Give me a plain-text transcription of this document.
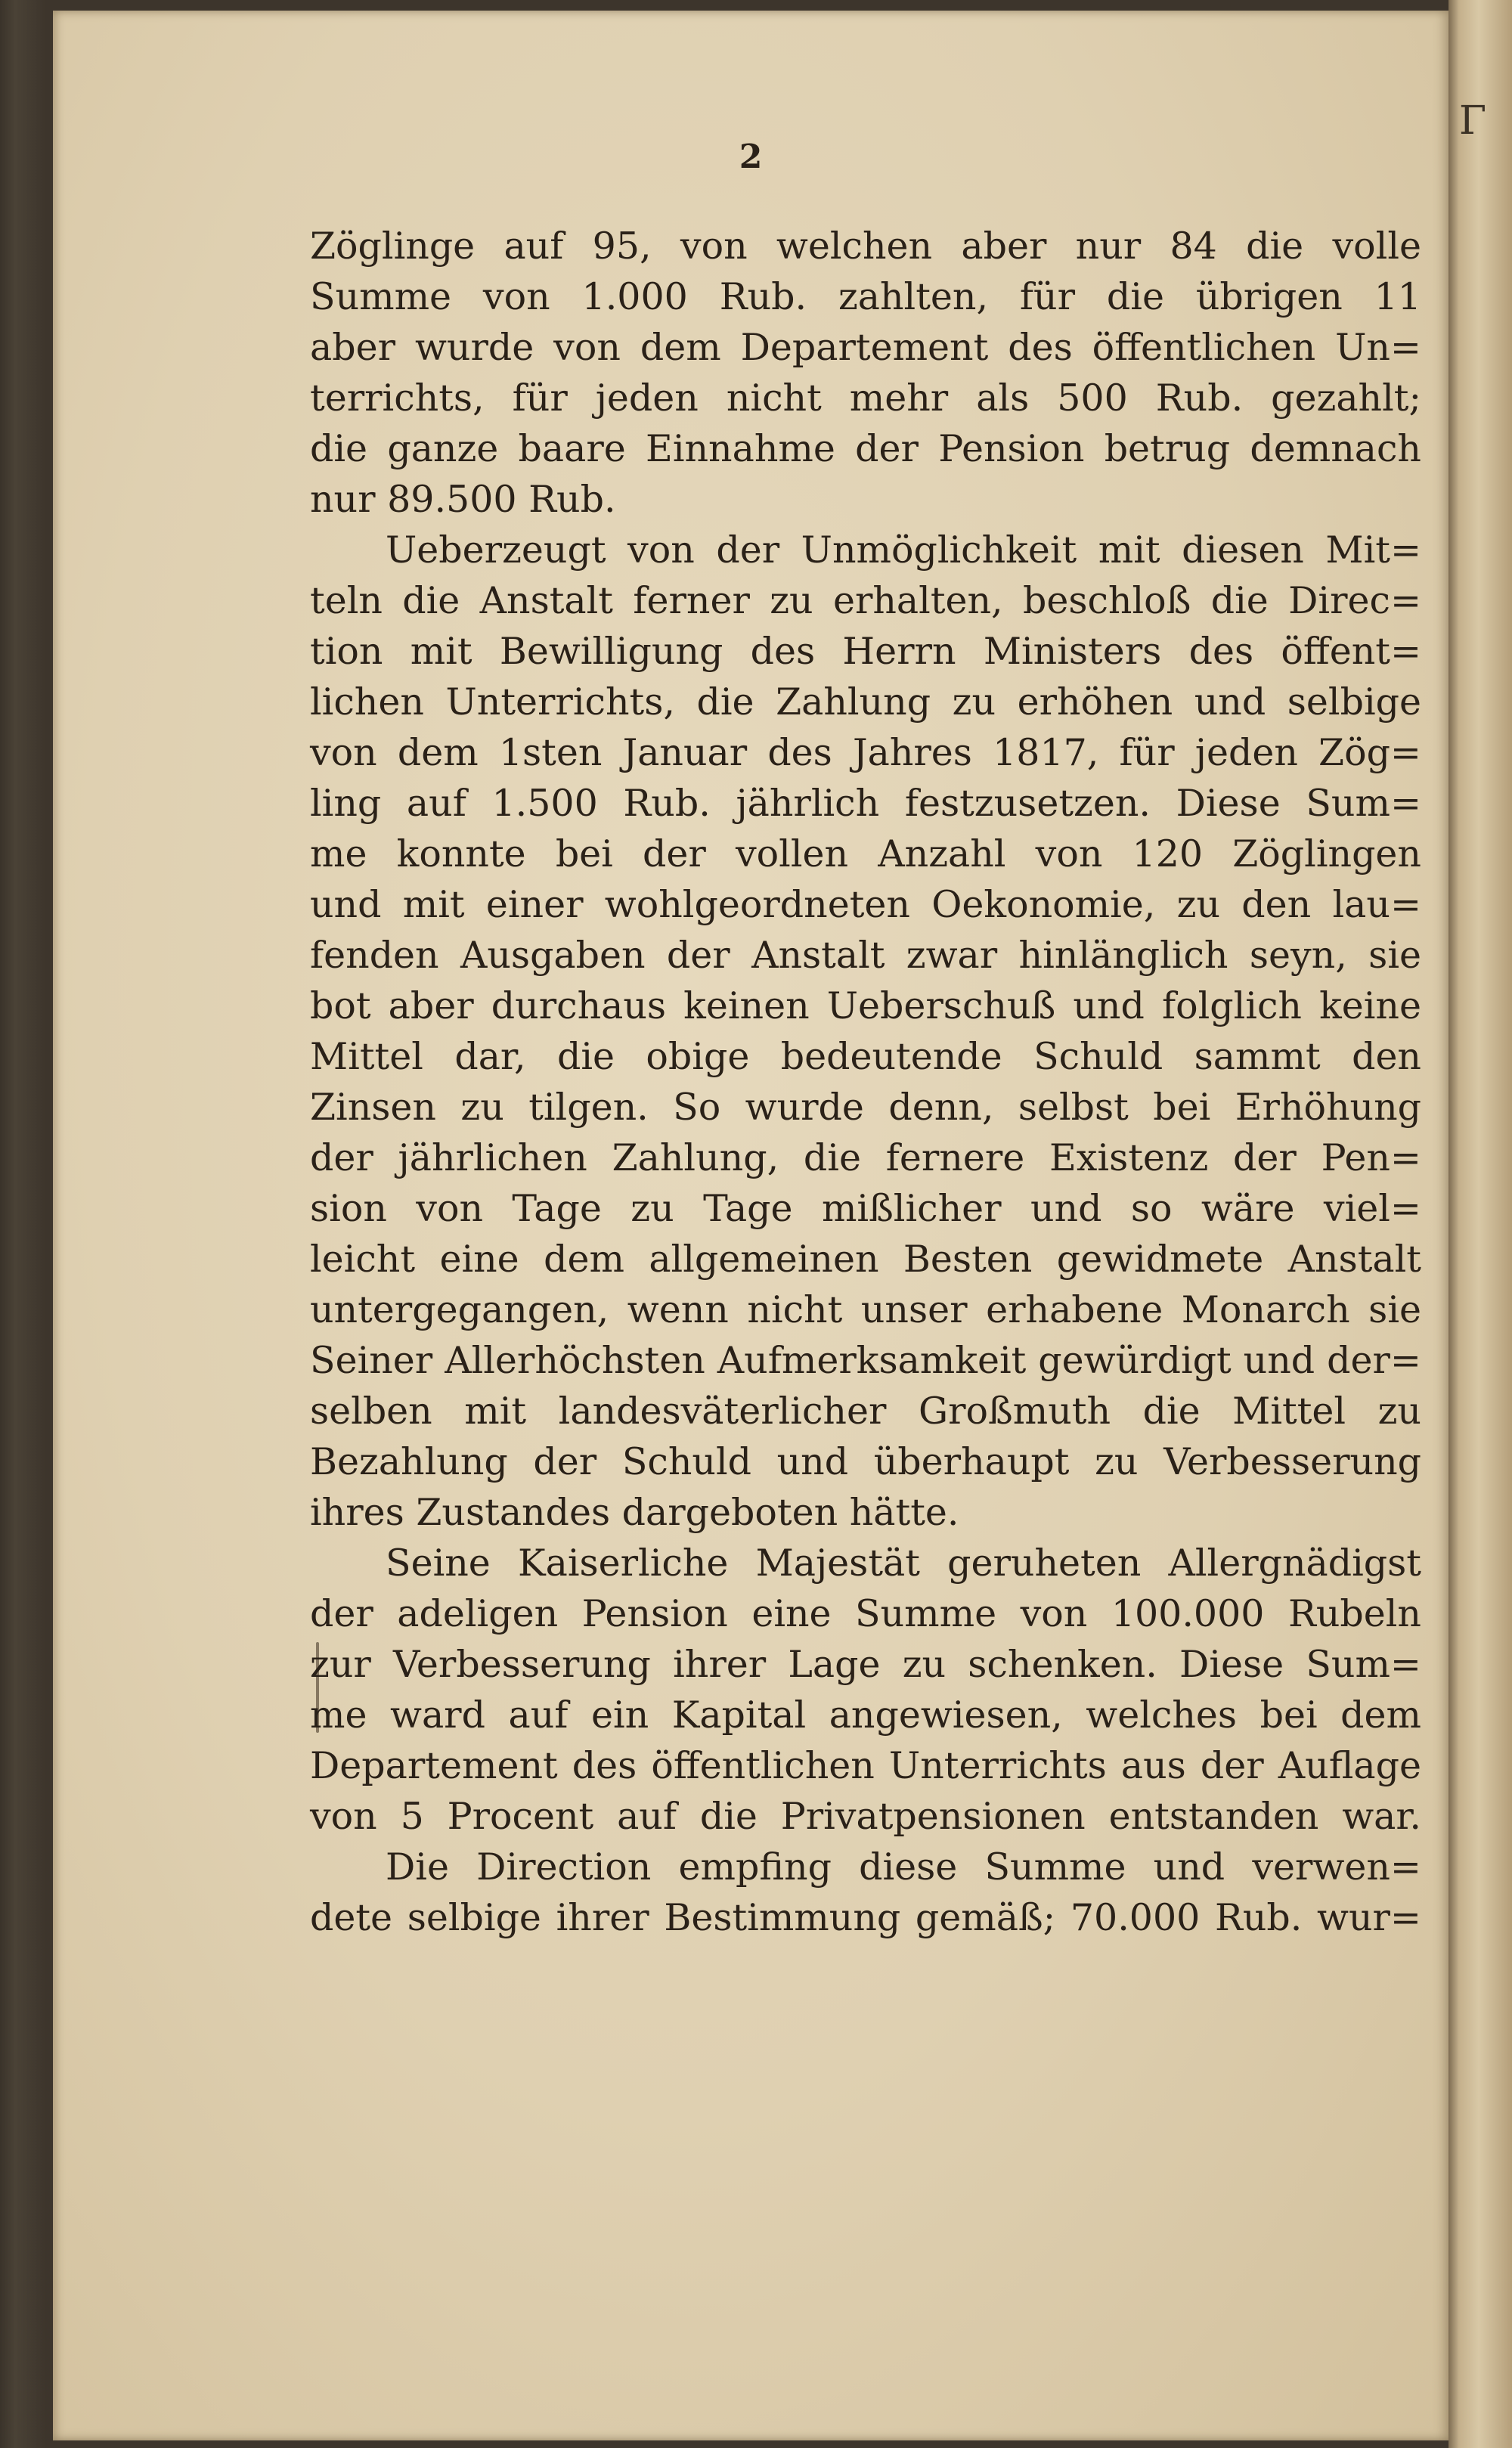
2
Zöglinge auf 95, von welchen aber nur 84 die volle
Summe von 1.000 Rub. zahlten, für die übrigen 11
aber wurde von dem Departement des öffentlichen Un=
terrichts, für jeden nicht mehr als 500 Rub. gezahlt;
die ganze baare Einnahme der Pension betrug demnach
nur 89.500 Rub.
Ueberzeugt von der Unmöglichkeit mit diesen Mit=
teln die Anstalt ferner zu erhalten, beschloß die Direc=
tion mit Bewilligung des Herrn Ministers des öffent=
lichen Unterrichts, die Zahlung zu erhöhen und selbige
von dem 1sten Januar des Jahres 1817, für jeden Zög=
ling auf 1.500 Rub. jährlich festzusetzen. Diese Sum=
me konnte bei der vollen Anzahl von 120 Zöglingen
und mit einer wohlgeordneten Oekonomie, zu den lau=
fenden Ausgaben der Anstalt zwar hinlänglich seyn, sie
bot aber durchaus keinen Ueberschuß und folglich keine
Mittel dar, die obige bedeutende Schuld sammt den
Zinsen zu tilgen. So wurde denn, selbst bei Erhöhung
der jährlichen Zahlung, die fernere Existenz der Pen=
sion von Tage zu Tage mißlicher und so wäre viel=
leicht eine dem allgemeinen Besten gewidmete Anstalt
untergegangen, wenn nicht unser erhabene Monarch sie
Seiner Allerhöchsten Aufmerksamkeit gewürdigt und der=
selben mit landesväterlicher Großmuth die Mittel zu
Bezahlung der Schuld und überhaupt zu Verbesserung
ihres Zustandes dargeboten hätte.
Seine Kaiserliche Majestät geruheten Allergnädigst
der adeligen Pension eine Summe von 100.000 Rubeln
zur Verbesserung ihrer Lage zu schenken. Diese Sum=
me ward auf ein Kapital angewiesen, welches bei dem
Departement des öffentlichen Unterrichts aus der Auflage
von 5 Procent auf die Privatpensionen entstanden war.
Die Direction empfing diese Summe und verwen=
dete selbige ihrer Bestimmung gemäß; 70.000 Rub. wur=
Γ
